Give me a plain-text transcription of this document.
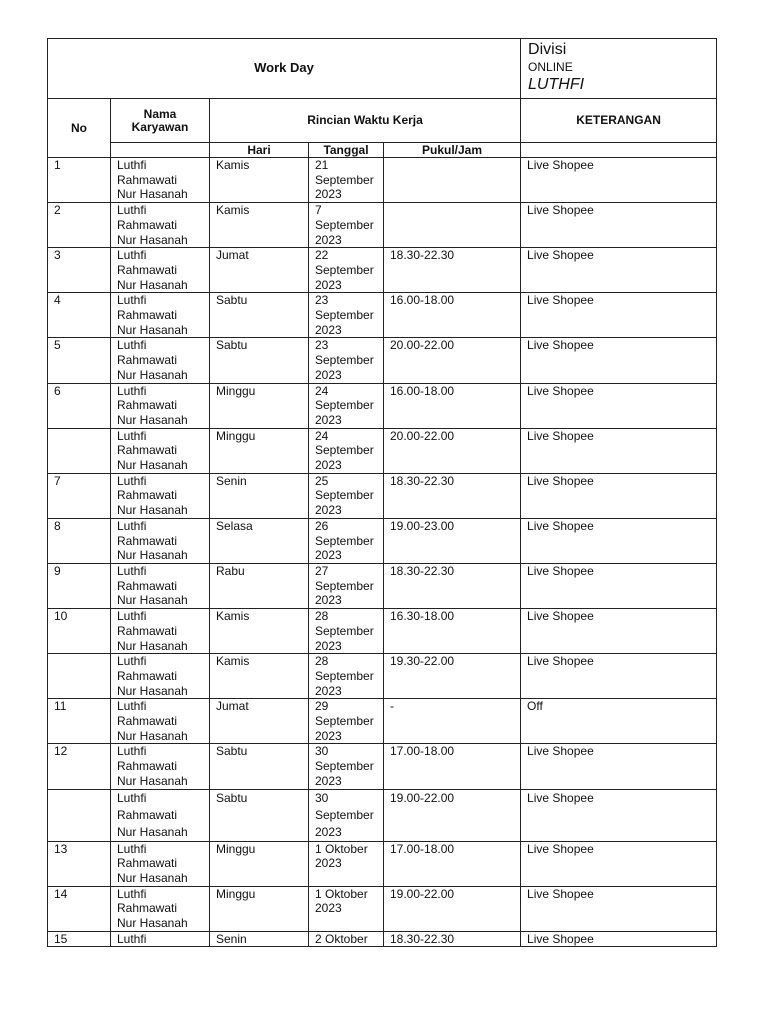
Work Day					Divisi
ONLINE
LUTHFI

No	Nama Karyawan	Rincian Waktu Kerja			KETERANGAN
		Hari	Tanggal	Pukul/Jam	
1	Luthfi
Rahmawati
Nur Hasanah	Kamis	21
September
2023		Live Shopee
2	Luthfi
Rahmawati
Nur Hasanah	Kamis	7
September
2023		Live Shopee
3	Luthfi
Rahmawati
Nur Hasanah	Jumat	22
September
2023	18.30-22.30	Live Shopee
4	Luthfi
Rahmawati
Nur Hasanah	Sabtu	23
September
2023	16.00-18.00	Live Shopee
5	Luthfi
Rahmawati
Nur Hasanah	Sabtu	23
September
2023	20.00-22.00	Live Shopee
6	Luthfi
Rahmawati
Nur Hasanah	Minggu	24
September
2023	16.00-18.00	Live Shopee

	Luthfi
Rahmawati
Nur Hasanah	Minggu	24
September
2023	20.00-22.00	Live Shopee
7	Luthfi
Rahmawati
Nur Hasanah	Senin	25
September
2023	18.30-22.30	Live Shopee
8	Luthfi
Rahmawati
Nur Hasanah	Selasa	26
September
2023	19.00-23.00	Live Shopee
9	Luthfi
Rahmawati
Nur Hasanah	Rabu	27
September
2023	18.30-22.30	Live Shopee
10	Luthfi
Rahmawati
Nur Hasanah	Kamis	28
September
2023	16.30-18.00	Live Shopee

	Luthfi
Rahmawati
Nur Hasanah	Kamis	28
September
2023	19.30-22.00	Live Shopee
11	Luthfi
Rahmawati
Nur Hasanah	Jumat	29
September
2023	-	Off
12	Luthfi
Rahmawati
Nur Hasanah	Sabtu	30
September
2023	17.00-18.00	Live Shopee

	Luthfi
Rahmawati
Nur Hasanah	Sabtu	30
September
2023	19.00-22.00	Live Shopee
13	Luthfi
Rahmawati
Nur Hasanah	Minggu	1 Oktober
2023	17.00-18.00	Live Shopee
14	Luthfi
Rahmawati
Nur Hasanah	Minggu	1 Oktober
2023	19.00-22.00	Live Shopee
15	Luthfi	Senin	2 Oktober	18.30-22.30	Live Shopee
